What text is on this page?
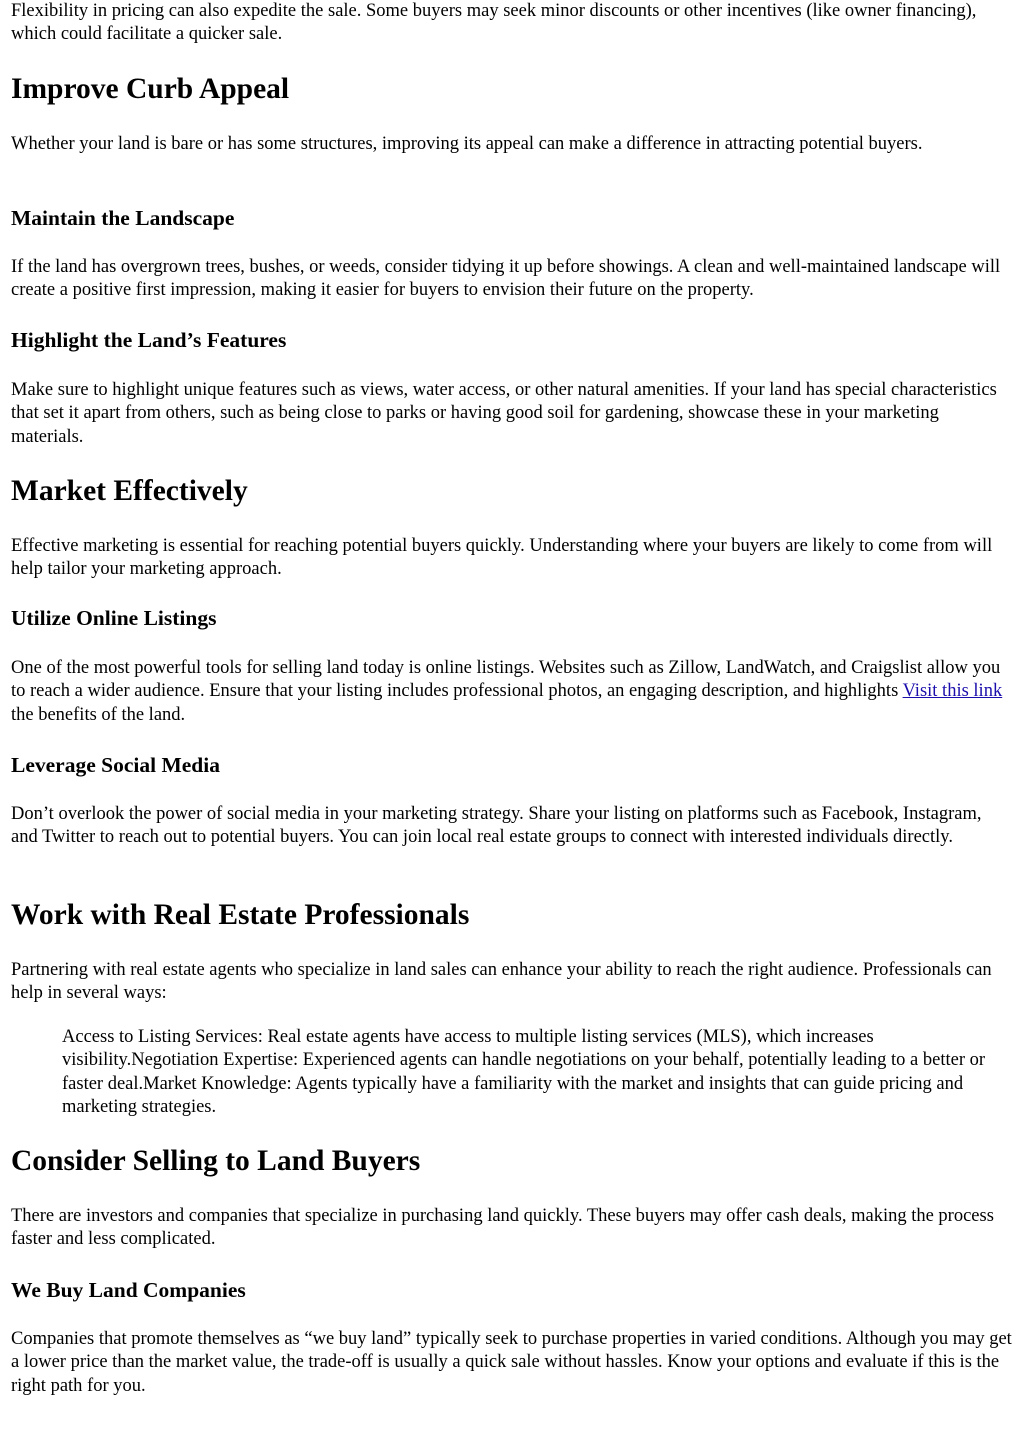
Flexibility in pricing can also expedite the sale. Some buyers may seek minor discounts or other incentives (like owner financing), which could facilitate a quicker sale.

Improve Curb Appeal

Whether your land is bare or has some structures, improving its appeal can make a difference in attracting potential buyers.

Maintain the Landscape

If the land has overgrown trees, bushes, or weeds, consider tidying it up before showings. A clean and well-maintained landscape will create a positive first impression, making it easier for buyers to envision their future on the property.

Highlight the Land’s Features

Make sure to highlight unique features such as views, water access, or other natural amenities. If your land has special characteristics that set it apart from others, such as being close to parks or having good soil for gardening, showcase these in your marketing materials.

Market Effectively

Effective marketing is essential for reaching potential buyers quickly. Understanding where your buyers are likely to come from will help tailor your marketing approach.

Utilize Online Listings

One of the most powerful tools for selling land today is online listings. Websites such as Zillow, LandWatch, and Craigslist allow you to reach a wider audience. Ensure that your listing includes professional photos, an engaging description, and highlights Visit this link the benefits of the land.

Leverage Social Media

Don’t overlook the power of social media in your marketing strategy. Share your listing on platforms such as Facebook, Instagram, and Twitter to reach out to potential buyers. You can join local real estate groups to connect with interested individuals directly.

Work with Real Estate Professionals

Partnering with real estate agents who specialize in land sales can enhance your ability to reach the right audience. Professionals can help in several ways:

Access to Listing Services: Real estate agents have access to multiple listing services (MLS), which increases visibility.Negotiation Expertise: Experienced agents can handle negotiations on your behalf, potentially leading to a better or faster deal.Market Knowledge: Agents typically have a familiarity with the market and insights that can guide pricing and marketing strategies.

Consider Selling to Land Buyers

There are investors and companies that specialize in purchasing land quickly. These buyers may offer cash deals, making the process faster and less complicated.

We Buy Land Companies

Companies that promote themselves as “we buy land” typically seek to purchase properties in varied conditions. Although you may get a lower price than the market value, the trade-off is usually a quick sale without hassles. Know your options and evaluate if this is the right path for you.
